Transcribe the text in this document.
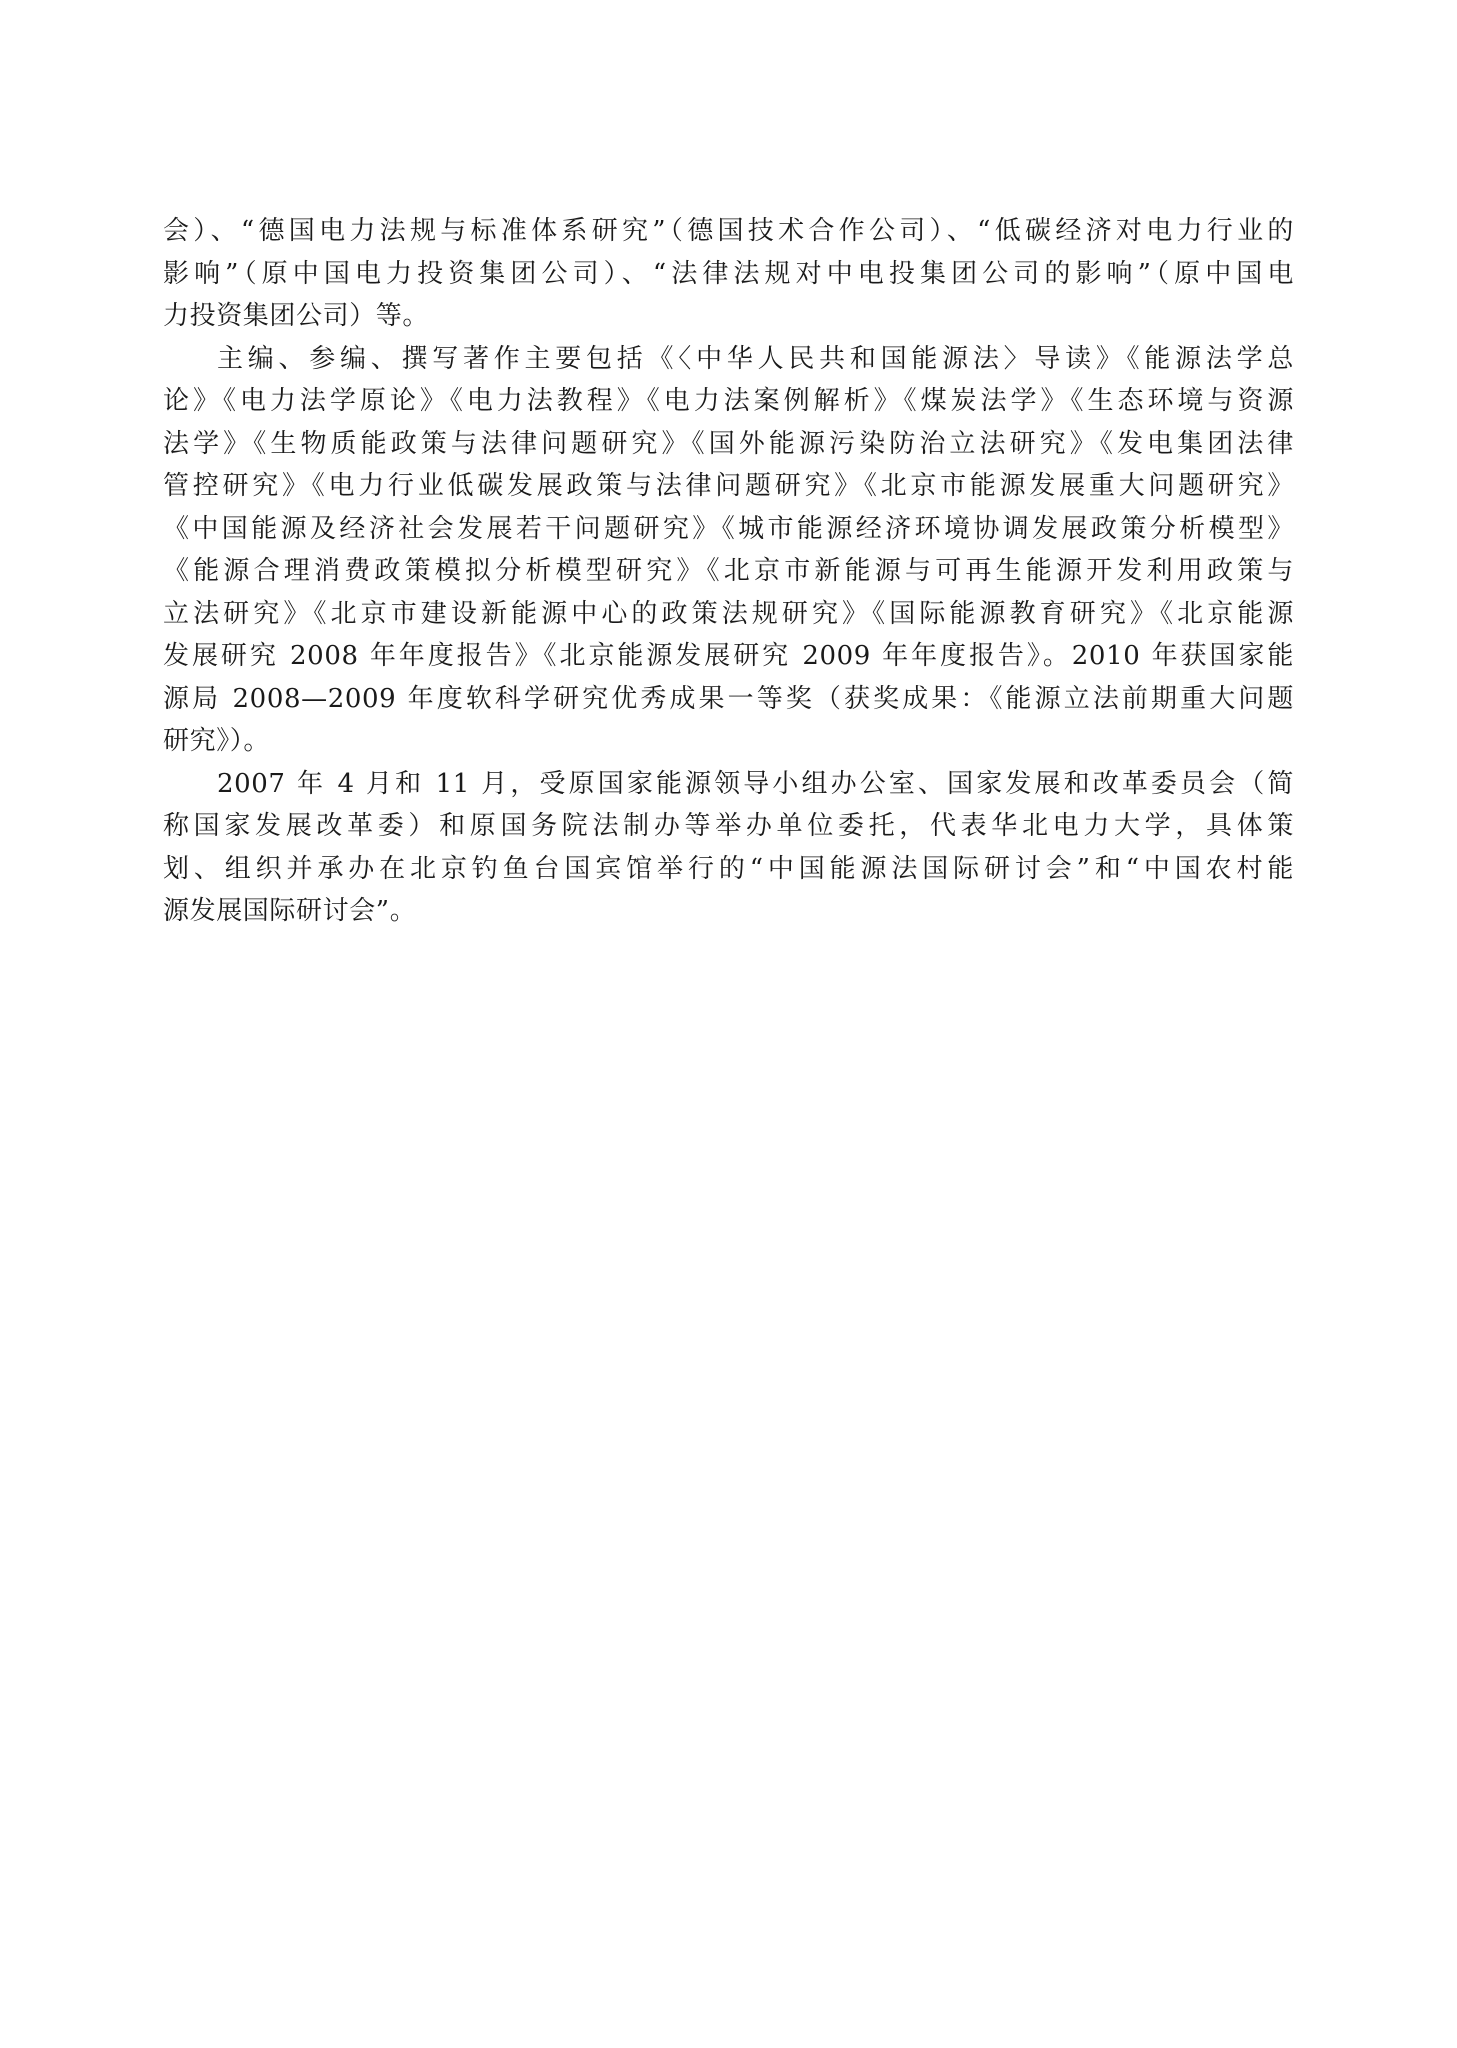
会）、“德国电力法规与标准体系研究”（德国技术合作公司）、“低碳经济对电力行业的
影响”（原中国电力投资集团公司）、“法律法规对中电投集团公司的影响”（原中国电
力投资集团公司）等。
主编、参编、撰写著作主要包括《〈中华人民共和国能源法〉导读》《能源法学总
论》《电力法学原论》《电力法教程》《电力法案例解析》《煤炭法学》《生态环境与资源
法学》《生物质能政策与法律问题研究》《国外能源污染防治立法研究》《发电集团法律
管控研究》《电力行业低碳发展政策与法律问题研究》《北京市能源发展重大问题研究》
《中国能源及经济社会发展若干问题研究》《城市能源经济环境协调发展政策分析模型》
《能源合理消费政策模拟分析模型研究》《北京市新能源与可再生能源开发利用政策与
立法研究》《北京市建设新能源中心的政策法规研究》《国际能源教育研究》《北京能源
发展研究 2008 年年度报告》《北京能源发展研究 2009 年年度报告》。2010 年获国家能
源局 2008—2009 年度软科学研究优秀成果一等奖（获奖成果：《能源立法前期重大问题
研究》）。
2007 年 4 月和 11 月，受原国家能源领导小组办公室、国家发展和改革委员会（简
称国家发展改革委）和原国务院法制办等举办单位委托，代表华北电力大学，具体策
划、组织并承办在北京钓鱼台国宾馆举行的“中国能源法国际研讨会”和“中国农村能
源发展国际研讨会”。
